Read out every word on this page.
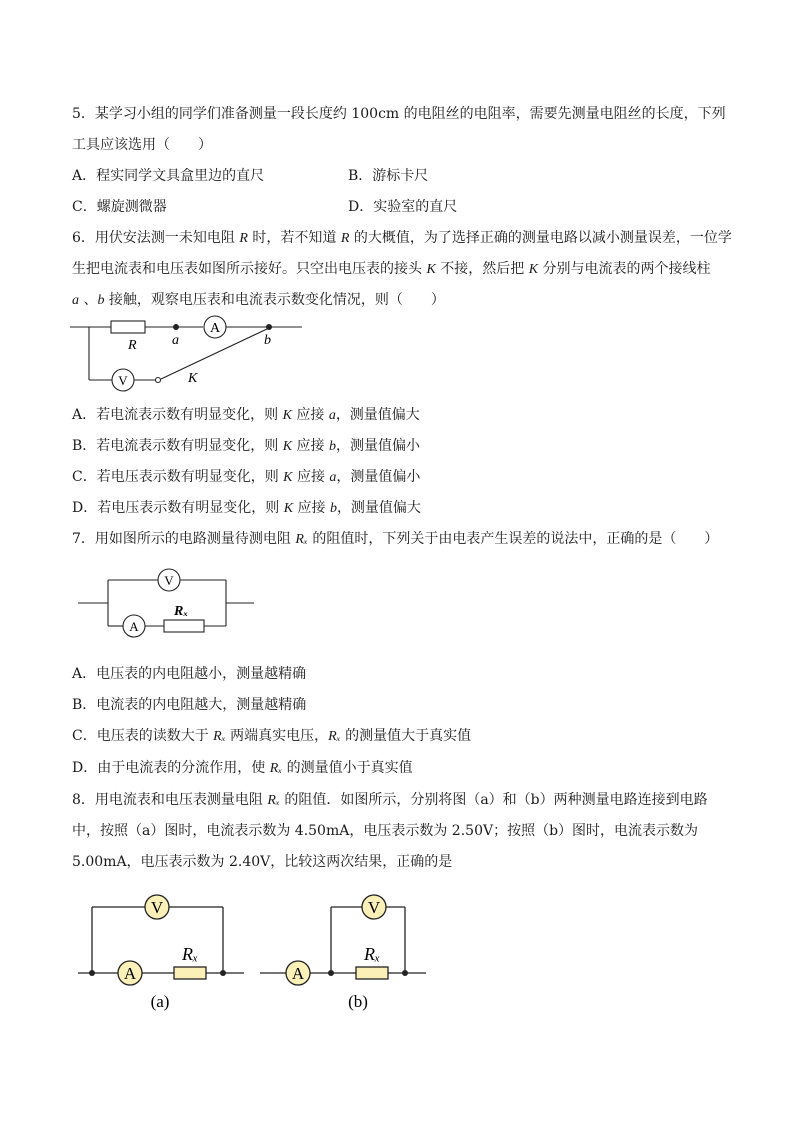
5．某学习小组的同学们准备测量一段长度约 100cm 的电阻丝的电阻率，需要先测量电阻丝的长度，下列
工具应该选用（　　）
A．程实同学文具盒里边的直尺	B．游标卡尺
C．螺旋测微器	D．实验室的直尺
6．用伏安法测一未知电阻 R 时，若不知道 R 的大概值，为了选择正确的测量电路以减小测量误差，一位学
生把电流表和电压表如图所示接好。只空出电压表的接头 K 不接，然后把 K 分别与电流表的两个接线柱
a 、b 接触，观察电压表和电流表示数变化情况，则（　　）
A
V
R	a	b
K
A．若电流表示数有明显变化，则 K 应接 a，测量值偏大
B．若电流表示数有明显变化，则 K 应接 b，测量值偏小
C．若电压表示数有明显变化，则 K 应接 a，测量值偏小
D．若电压表示数有明显变化，则 K 应接 b，测量值偏大
7．用如图所示的电路测量待测电阻 Rₓ 的阻值时，下列关于由电表产生误差的说法中，正确的是（　　）
V
A
Rₓ
A．电压表的内电阻越小，测量越精确
B．电流表的内电阻越大，测量越精确
C．电压表的读数大于 Rₓ 两端真实电压，Rₓ 的测量值大于真实值
D．由于电流表的分流作用，使 Rₓ 的测量值小于真实值
8．用电流表和电压表测量电阻 Rₓ 的阻值．如图所示，分别将图（a）和（b）两种测量电路连接到电路
中，按照（a）图时，电流表示数为 4.50mA，电压表示数为 2.50V；按照（b）图时，电流表示数为
5.00mA，电压表示数为 2.40V，比较这两次结果，正确的是
V
A
Rₓ
(a)
V
A
Rₓ
(b)
